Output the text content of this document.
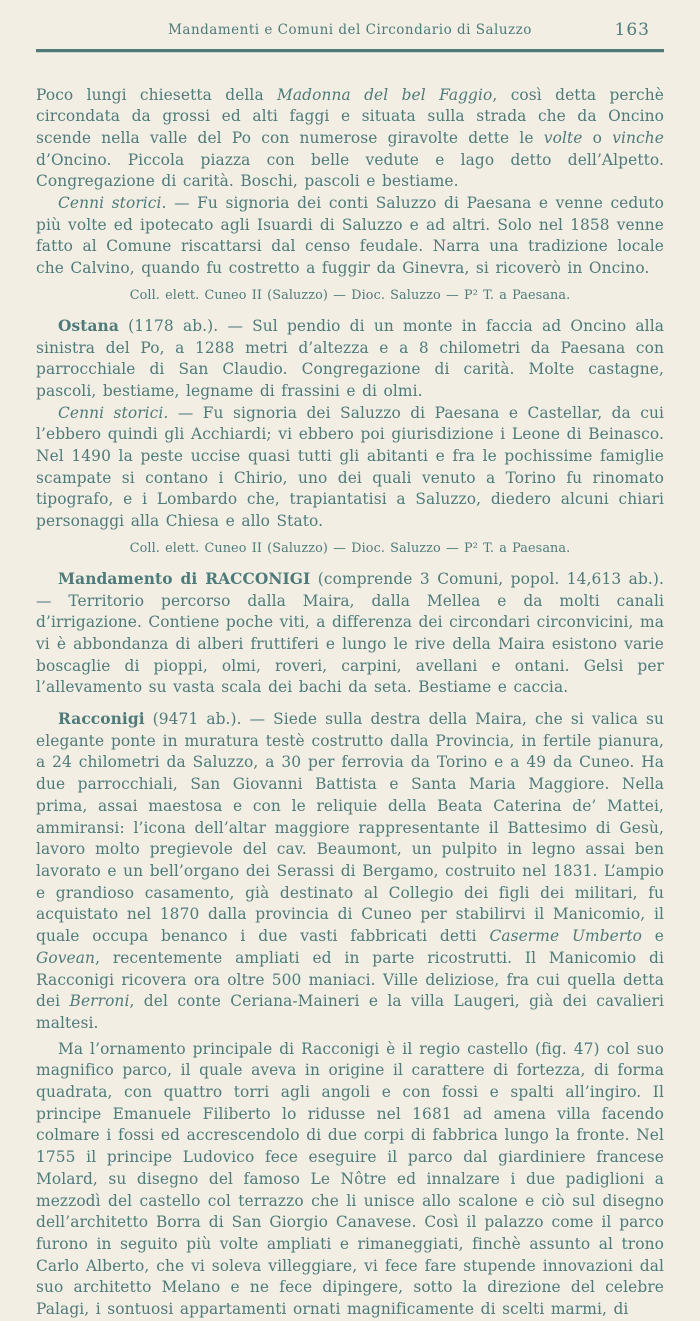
Mandamenti e Comuni del Circondario di Saluzzo	163

Poco lungi chiesetta della Madonna del bel Faggio, così detta perchè circondata da grossi ed alti faggi e situata sulla strada che da Oncino scende nella valle del Po con numerose giravolte dette le volte o vinche d’Oncino. Piccola piazza con belle vedute e lago detto dell’Alpetto. Congregazione di carità. Boschi, pascoli e bestiame.

Cenni storici. — Fu signoria dei conti Saluzzo di Paesana e venne ceduto più volte ed ipotecato agli Isuardi di Saluzzo e ad altri. Solo nel 1858 venne fatto al Comune riscattarsi dal censo feudale. Narra una tradizione locale che Calvino, quando fu costretto a fuggir da Ginevra, si ricoverò in Oncino.

Coll. elett. Cuneo II (Saluzzo) — Dioc. Saluzzo — P² T. a Paesana.

Ostana (1178 ab.). — Sul pendio di un monte in faccia ad Oncino alla sinistra del Po, a 1288 metri d’altezza e a 8 chilometri da Paesana con parrocchiale di San Claudio. Congregazione di carità. Molte castagne, pascoli, bestiame, legname di frassini e di olmi.

Cenni storici. — Fu signoria dei Saluzzo di Paesana e Castellar, da cui l’ebbero quindi gli Acchiardi; vi ebbero poi giurisdizione i Leone di Beinasco. Nel 1490 la peste uccise quasi tutti gli abitanti e fra le pochissime famiglie scampate si contano i Chirio, uno dei quali venuto a Torino fu rinomato tipografo, e i Lombardo che, trapiantatisi a Saluzzo, diedero alcuni chiari personaggi alla Chiesa e allo Stato.

Coll. elett. Cuneo II (Saluzzo) — Dioc. Saluzzo — P² T. a Paesana.

Mandamento di RACCONIGI (comprende 3 Comuni, popol. 14,613 ab.). — Territorio percorso dalla Maira, dalla Mellea e da molti canali d’irrigazione. Contiene poche viti, a differenza dei circondari circonvicini, ma vi è abbondanza di alberi fruttiferi e lungo le rive della Maira esistono varie boscaglie di pioppi, olmi, roveri, carpini, avellani e ontani. Gelsi per l’allevamento su vasta scala dei bachi da seta. Bestiame e caccia.

Racconigi (9471 ab.). — Siede sulla destra della Maira, che si valica su elegante ponte in muratura testè costrutto dalla Provincia, in fertile pianura, a 24 chilometri da Saluzzo, a 30 per ferrovia da Torino e a 49 da Cuneo. Ha due parrocchiali, San Giovanni Battista e Santa Maria Maggiore. Nella prima, assai maestosa e con le reliquie della Beata Caterina de’ Mattei, ammiransi: l’icona dell’altar maggiore rappresentante il Battesimo di Gesù, lavoro molto pregievole del cav. Beaumont, un pulpito in legno assai ben lavorato e un bell’organo dei Serassi di Bergamo, costruito nel 1831. L’ampio e grandioso casamento, già destinato al Collegio dei figli dei militari, fu acquistato nel 1870 dalla provincia di Cuneo per stabilirvi il Manicomio, il quale occupa benanco i due vasti fabbricati detti Caserme Umberto e Govean, recentemente ampliati ed in parte ricostrutti. Il Manicomio di Racconigi ricovera ora oltre 500 maniaci. Ville deliziose, fra cui quella detta dei Berroni, del conte Ceriana-Maineri e la villa Laugeri, già dei cavalieri maltesi.

Ma l’ornamento principale di Racconigi è il regio castello (fig. 47) col suo magnifico parco, il quale aveva in origine il carattere di fortezza, di forma quadrata, con quattro torri agli angoli e con fossi e spalti all’ingiro. Il principe Emanuele Filiberto lo ridusse nel 1681 ad amena villa facendo colmare i fossi ed accrescendolo di due corpi di fabbrica lungo la fronte. Nel 1755 il principe Ludovico fece eseguire il parco dal giardiniere francese Molard, su disegno del famoso Le Nôtre ed innalzare i due padiglioni a mezzodì del castello col terrazzo che li unisce allo scalone e ciò sul disegno dell’architetto Borra di San Giorgio Canavese. Così il palazzo come il parco furono in seguito più volte ampliati e rimaneggiati, finchè assunto al trono Carlo Alberto, che vi soleva villeggiare, vi fece fare stupende innovazioni dal suo architetto Melano e ne fece dipingere, sotto la direzione del celebre Palagi, i sontuosi appartamenti ornati magnificamente di scelti marmi, di
